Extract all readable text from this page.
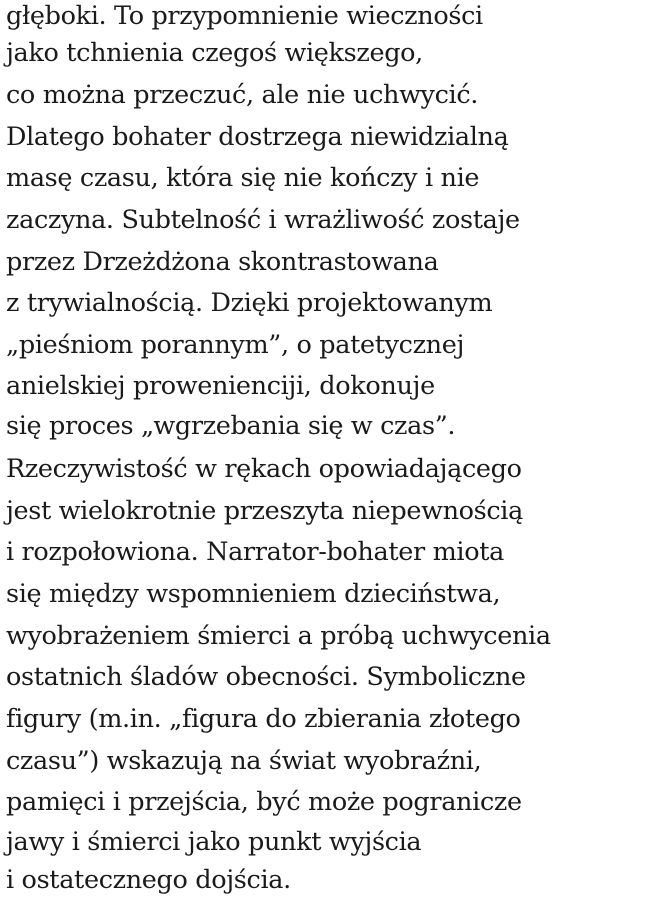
głęboki. To przypomnienie wieczności
jako tchnienia czegoś większego,
co można przeczuć, ale nie uchwycić.
Dlatego bohater dostrzega niewidzialną
masę czasu, która się nie kończy i nie
zaczyna. Subtelność i wrażliwość zostaje
przez Drzeżdżona skontrastowana
z trywialnością. Dzięki projektowanym
„pieśniom porannym”, o patetycznej
anielskiej prowenienciji, dokonuje
się proces „wgrzebania się w czas”.
Rzeczywistość w rękach opowiadającego
jest wielokrotnie przeszyta niepewnością
i rozpołowiona. Narrator-bohater miota
się między wspomnieniem dzieciństwa,
wyobrażeniem śmierci a próbą uchwycenia
ostatnich śladów obecności. Symboliczne
figury (m.in. „figura do zbierania złotego
czasu”) wskazują na świat wyobraźni,
pamięci i przejścia, być może pogranicze
jawy i śmierci jako punkt wyjścia
i ostatecznego dojścia.
